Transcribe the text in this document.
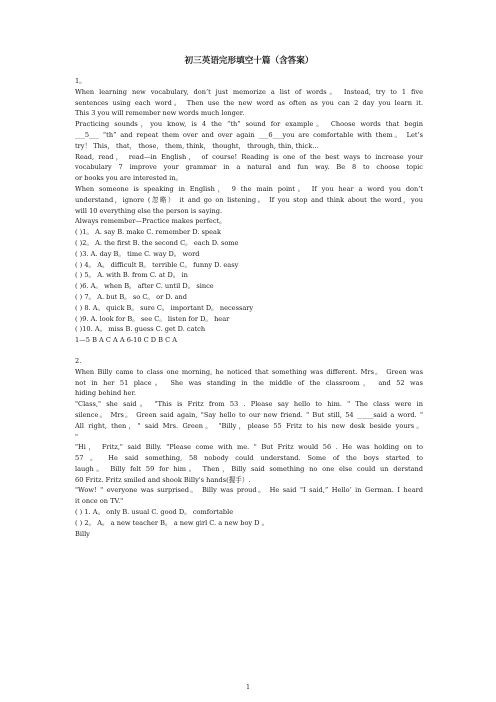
初三英语完形填空十篇（含答案）
1。
When learning new vocabulary, don’t just memorize a list of words。 Instead, try to 1 five
sentences using each word。 Then use the new word as often as you can 2 day you learn it.
This 3 you will remember new words much longer.
Practicing sounds，you know, is 4 the “th” sound for example。 Choose words that begin
___5___ “th” and repeat them over and over again ___6___you are comfortable with them。 Let’s
try！ This， that， those， them, think， thought， through, thin, thick…
Read, read， read—in English， of course! Reading is one of the best ways to increase your
vocabulary 7 improve your grammar in a natural and fun way. Be 8 to choose topic
or books you are interested in。
When someone is speaking in English， 9 the main point。 If you hear a word you don’t
understand，ignore (忽略） it and go on listening。 If you stop and think about the word，you
will 10 everything else the person is saying.
Always remember—Practice makes perfect。
( )1。 A. say B. make C. remember D. speak
( )2。 A. the first B. the second C。 each D. some
( )3. A. day B。 time C. way D。 word
( ) 4。 A。 difficult B。 terrible C。 funny D. easy
( ) 5。 A. with B. from C. at D。 in
( )6. A。 when B。 after C. until D。 since
( ) 7。 A. but B。 so C。 or D. and
( ) 8. A。 quick B。 sure C。 important D。 necessary
( )9. A. look for B。 see C。 listen for D。 hear
( )10. A。 miss B. guess C. get D. catch
1—5 B A C A A 6-10 C D B C A
2.
When Billy came to class one morning, he noticed that something was different. Mrs。 Green was
not in her 51 place。 She was standing in the middle of the classroom， and 52 was
hiding behind her.
"Class," she said。 "This is Fritz from 53 . Please say hello to him. " The class were in
silence。 Mrs。 Green said again, "Say hello to our new friend. " But still, 54 _____said a word. "
All right, then，" said Mrs. Green。 "Billy，please 55 Fritz to his new desk beside yours。
"
"Hi， Fritz," said Billy. "Please come with me. " But Fritz would 56 . He was holding on to
57 。 He said something, 58 nobody could understand. Some of the boys started to
laugh。 Billy felt 59 for him。 Then，Billy said something no one else could un derstand
60 Fritz. Fritz smiled and shook Billy's hands(握手）.
"Wow! " everyone was surprised。 Billy was proud。 He said "I said,” Hello’ in German. I heard
it once on TV."
( ) 1. A。 only B. usual C. good D。 comfortable
( ) 2。 A。 a new teacher B。 a new girl C. a new boy D 。
Billy
1
